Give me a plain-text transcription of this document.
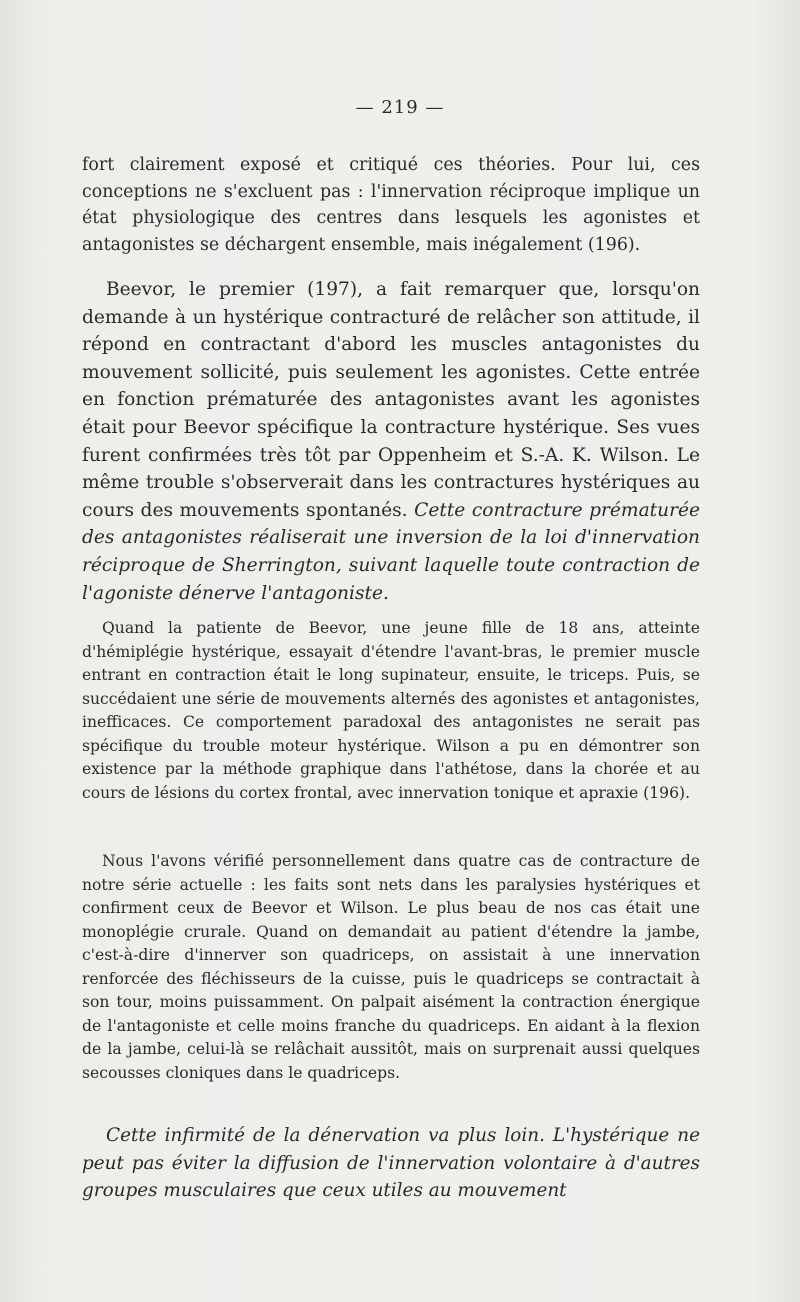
— 219 —

fort clairement exposé et critiqué ces théories. Pour lui, ces conceptions ne s'excluent pas : l'innervation réciproque implique un état physiologique des centres dans lesquels les agonistes et antagonistes se déchargent ensemble, mais inégalement (196).

Beevor, le premier (197), a fait remarquer que, lorsqu'on demande à un hystérique contracturé de relâcher son attitude, il répond en contractant d'abord les muscles antagonistes du mouvement sollicité, puis seulement les agonistes. Cette entrée en fonction prématurée des antagonistes avant les agonistes était pour Beevor spécifique la contracture hystérique. Ses vues furent confirmées très tôt par Oppenheim et S.-A. K. Wilson. Le même trouble s'observerait dans les contractures hystériques au cours des mouvements spontanés. Cette contracture prématurée des antagonistes réaliserait une inversion de la loi d'innervation réciproque de Sherrington, suivant laquelle toute contraction de l'agoniste dénerve l'antagoniste.

Quand la patiente de Beevor, une jeune fille de 18 ans, atteinte d'hémiplégie hystérique, essayait d'étendre l'avant-bras, le premier muscle entrant en contraction était le long supinateur, ensuite, le triceps. Puis, se succédaient une série de mouvements alternés des agonistes et antagonistes, inefficaces. Ce comportement paradoxal des antagonistes ne serait pas spécifique du trouble moteur hystérique. Wilson a pu en démontrer son existence par la méthode graphique dans l'athétose, dans la chorée et au cours de lésions du cortex frontal, avec innervation tonique et apraxie (196).

Nous l'avons vérifié personnellement dans quatre cas de contracture de notre série actuelle : les faits sont nets dans les paralysies hystériques et confirment ceux de Beevor et Wilson. Le plus beau de nos cas était une monoplégie crurale. Quand on demandait au patient d'étendre la jambe, c'est-à-dire d'innerver son quadriceps, on assistait à une innervation renforcée des fléchisseurs de la cuisse, puis le quadriceps se contractait à son tour, moins puissamment. On palpait aisément la contraction énergique de l'antagoniste et celle moins franche du quadriceps. En aidant à la flexion de la jambe, celui-là se relâchait aussitôt, mais on surprenait aussi quelques secousses cloniques dans le quadriceps.

Cette infirmité de la dénervation va plus loin. L'hystérique ne peut pas éviter la diffusion de l'innervation volontaire à d'autres groupes musculaires que ceux utiles au mouvement
